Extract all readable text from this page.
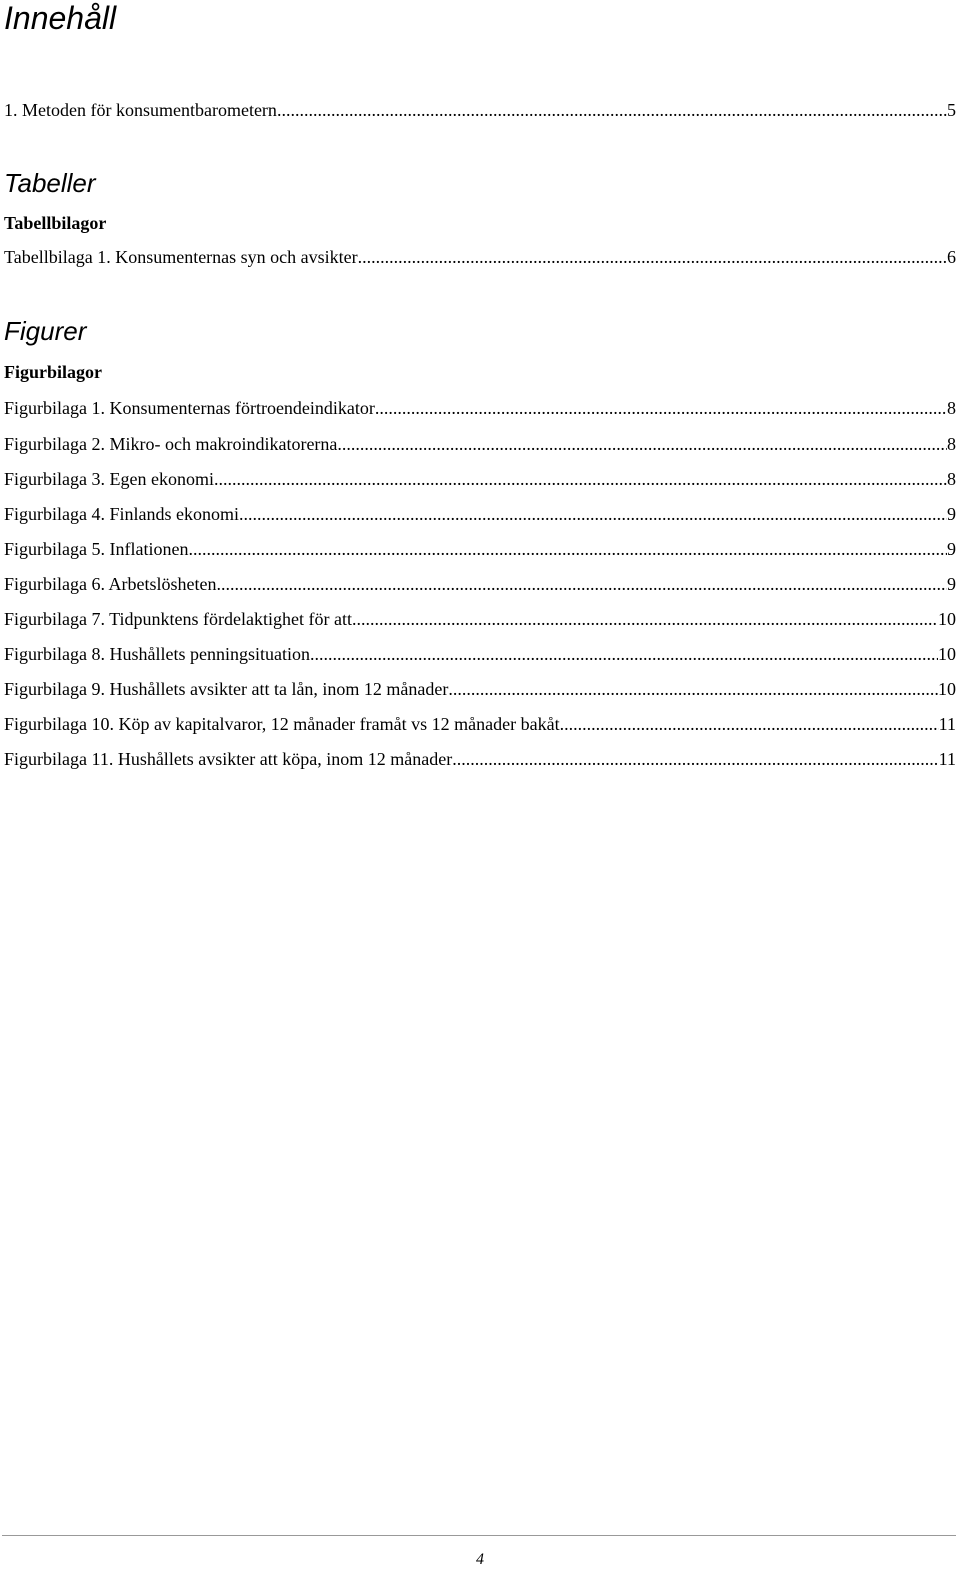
Innehåll
1. Metoden för konsumentbarometern .....	5
Tabeller
Tabellbilagor
Tabellbilaga 1. Konsumenternas syn och avsikter .....	6
Figurer
Figurbilagor
Figurbilaga 1. Konsumenternas förtroendeindikator .....	8
Figurbilaga 2. Mikro- och makroindikatorerna .....	8
Figurbilaga 3. Egen ekonomi .....	8
Figurbilaga 4. Finlands ekonomi .....	9
Figurbilaga 5. Inflationen .....	9
Figurbilaga 6. Arbetslösheten .....	9
Figurbilaga 7. Tidpunktens fördelaktighet för att .....	10
Figurbilaga 8. Hushållets penningsituation .....	10
Figurbilaga 9. Hushållets avsikter att ta lån, inom 12 månader .....	10
Figurbilaga 10. Köp av kapitalvaror, 12 månader framåt vs 12 månader bakåt .....	11
Figurbilaga 11. Hushållets avsikter att köpa, inom 12 månader .....	11
4
